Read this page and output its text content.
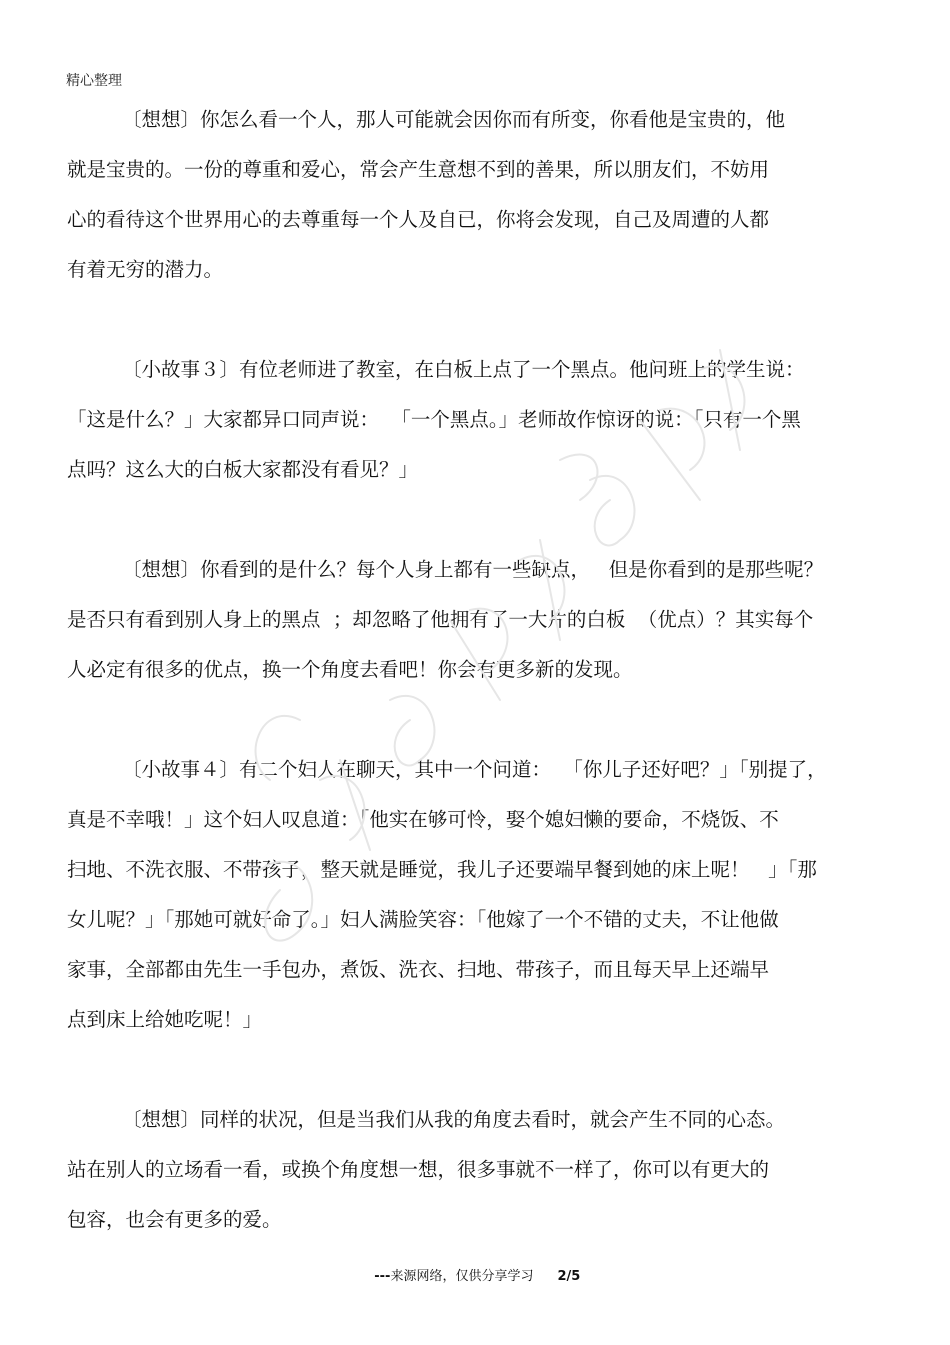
精心整理
〔想想〕你怎么看一个人，那人可能就会因你而有所变，你看他是宝贵的，他
就是宝贵的。一份的尊重和爱心，常会产生意想不到的善果，所以朋友们，不妨用
心的看待这个世界用心的去尊重每一个人及自已，你将会发现，自己及周遭的人都
有着无穷的潜力。
〔小故事３〕有位老师进了教室，在白板上点了一个黑点。他问班上的学生说：
「这是什么？」大家都异口同声说：  「一个黑点。」老师故作惊讶的说：「只有一个黑
点吗？这么大的白板大家都没有看见？」
〔想想〕你看到的是什么？每个人身上都有一些缺点，   但是你看到的是那些呢？
是否只有看到别人身上的黑点  ；却忽略了他拥有了一大片的白板  （优点）？其实每个
人必定有很多的优点，换一个角度去看吧！你会有更多新的发现。
〔小故事４〕有二个妇人在聊天，其中一个问道：  「你儿子还好吧？」「别提了，
真是不幸哦！」这个妇人叹息道：「他实在够可怜，娶个媳妇懒的要命，不烧饭、不
扫地、不洗衣服、不带孩子，整天就是睡觉，我儿子还要端早餐到她的床上呢！   」「那
女儿呢？」「那她可就好命了。」妇人满脸笑容：「他嫁了一个不错的丈夫，不让他做
家事，全部都由先生一手包办，煮饭、洗衣、扫地、带孩子，而且每天早上还端早
点到床上给她吃呢！」
〔想想〕同样的状况，但是当我们从我的角度去看时，就会产生不同的心态。
站在别人的立场看一看，或换个角度想一想，很多事就不一样了，你可以有更大的
包容，也会有更多的爱。

---来源网络，仅供分享学习 2/5
